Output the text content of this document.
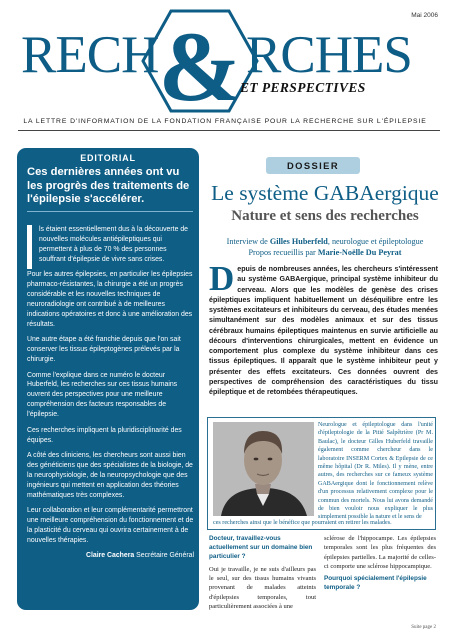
Mai 2006
&
RECH RCHES
ET PERSPECTIVES
LA LETTRE D'INFORMATION DE LA FONDATION FRANÇAISE POUR LA RECHERCHE SUR L'ÉPILEPSIE
EDITORIAL
Ces dernières années ont vu les progrès des traitements de l'épilepsie s'accélérer.

ls étaient essentiellement dus à la découverte de nouvelles molécules antiépileptiques qui permettent à plus de 70 % des personnes souffrant d'épilepsie de vivre sans crises.

Pour les autres épilepsies, en particulier les épilepsies pharmaco-résistantes, la chirurgie a été un progrès considérable et les nouvelles techniques de neuroradiologie ont contribué à de meilleures indications opératoires et donc à une amélioration des résultats.

Une autre étape a été franchie depuis que l'on sait conserver les tissus épileptogènes prélevés par la chirurgie.

Comme l'explique dans ce numéro le docteur Huberfeld, les recherches sur ces tissus humains ouvrent des perspectives pour une meilleure compréhension des facteurs responsables de l'épilepsie.

Ces recherches impliquent la pluridisciplinarité des équipes.

A côté des cliniciens, les chercheurs sont aussi bien des généticiens que des spécialistes de la biologie, de la neurophysiologie, de la neuropsychologie que des ingénieurs qui mettent en application des théories mathématiques très complexes.

Leur collaboration et leur complémentarité permettront une meilleure compréhension du fonctionnement et de la plasticité du cerveau qui ouvrira certainement à de nouvelles thérapies.

Claire Cachera Secrétaire Général
DOSSIER
Le système GABAergique
Nature et sens des recherches
Interview de Gilles Huberfeld, neurologue et épileptologue
Propos recueillis par Marie-Noëlle Du Peyrat
Depuis de nombreuses années, les chercheurs s'intéressent au système GABAergique, principal système inhibiteur du cerveau. Alors que les modèles de genèse des crises épileptiques impliquent habituellement un déséquilibre entre les systèmes excitateurs et inhibiteurs du cerveau, des études menées simultanément sur des modèles animaux et sur des tissus cérébraux humains épileptiques maintenus en survie artificielle au décours d'interventions chirurgicales, mettent en évidence un comportement plus complexe du système inhibiteur dans ces tissus épileptiques. Il apparaît que le système inhibiteur peut y présenter des effets excitateurs. Ces données ouvrent des perspectives de compréhension des caractéristiques du tissu épileptique et de retombées thérapeutiques.
Neurologue et épileptologue dans l'unité d'épileptologie de la Pitié Salpêtrière (Pr M. Baulac), le docteur Gilles Huberfeld travaille également comme chercheur dans le laboratoire INSERM Cortex & Epilepsie de ce même hôpital (Dr R. Miles). Il y mène, entre autres, des recherches sur ce fameux système GABAergique dont le fonctionnement relève d'un processus relativement complexe pour le commun des mortels. Nous lui avons demandé de bien vouloir nous expliquer le plus simplement possible la nature et le sens de
ces recherches ainsi que le bénéfice que pourraient en retirer les malades.
Docteur, travaillez-vous actuellement sur un domaine bien particulier ?

Oui je travaille, je ne suis d'ailleurs pas le seul, sur des tissus humains vivants provenant de malades atteints d'épilepsies temporales, tout particulièrement associées à une

sclérose de l'hippocampe. Les épilepsies temporales sont les plus fréquentes des épilepsies partielles. La majorité de celles-ci comporte une sclérose hippocampique.

Pourquoi spécialement l'épilepsie temporale ?
Suite page 2
